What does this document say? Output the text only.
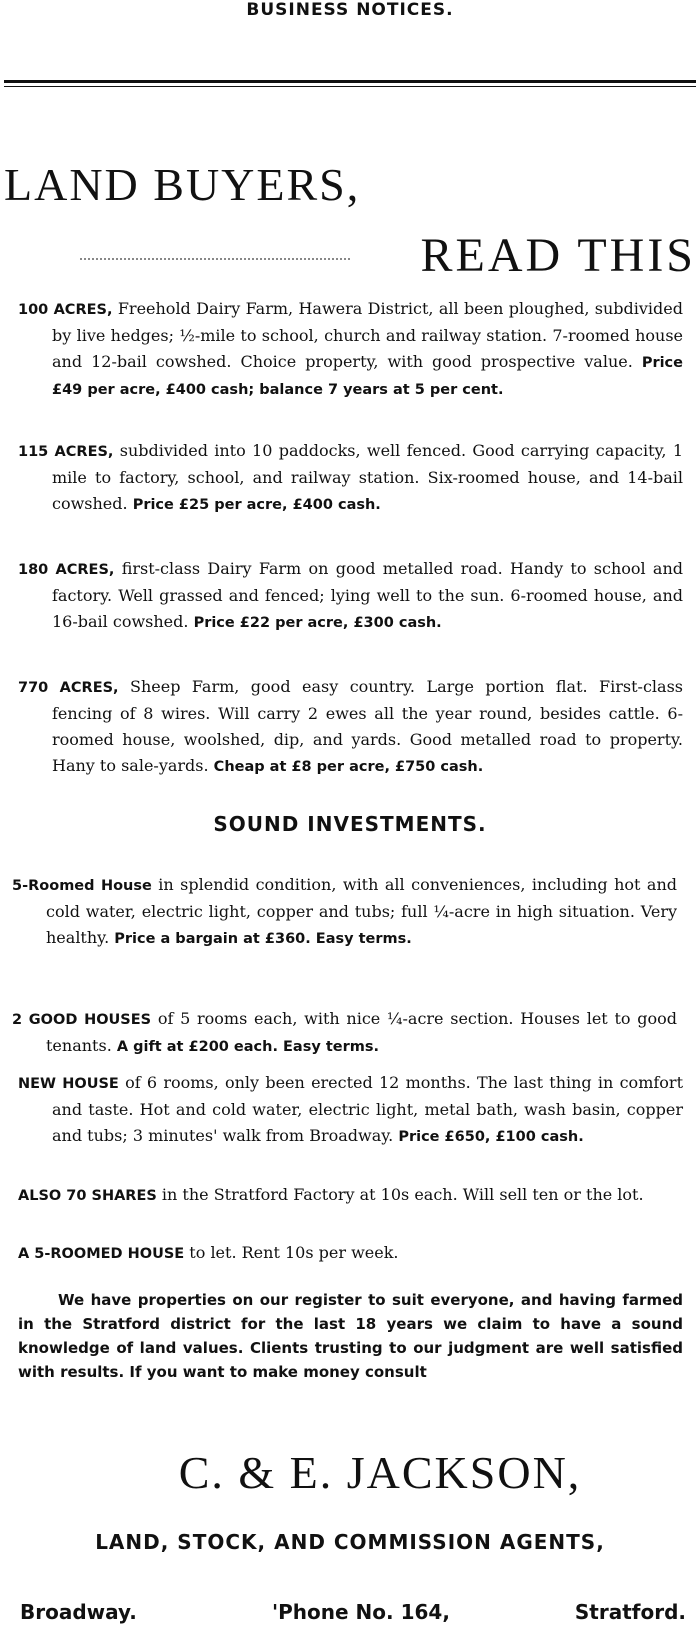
BUSINESS NOTICES.
LAND BUYERS,
READ THIS
100 ACRES, Freehold Dairy Farm, Hawera District, all been ploughed, subdivided by live hedges; ½-mile to school, church and railway station. 7-roomed house and 12-bail cowshed. Choice property, with good prospective value. Price £49 per acre, £400 cash; balance 7 years at 5 per cent.
115 ACRES, subdivided into 10 paddocks, well fenced. Good carrying capacity, 1 mile to factory, school, and railway station. Six-roomed house, and 14-bail cowshed. Price £25 per acre, £400 cash.
180 ACRES, first-class Dairy Farm on good metalled road. Handy to school and factory. Well grassed and fenced; lying well to the sun. 6-roomed house, and 16-bail cowshed. Price £22 per acre, £300 cash.
770 ACRES, Sheep Farm, good easy country. Large portion flat. First-class fencing of 8 wires. Will carry 2 ewes all the year round, besides cattle. 6-roomed house, woolshed, dip, and yards. Good metalled road to property. Hany to sale-yards. Cheap at £8 per acre, £750 cash.
SOUND INVESTMENTS.
5-Roomed House in splendid condition, with all conveniences, including hot and cold water, electric light, copper and tubs; full ¼-acre in high situation. Very healthy. Price a bargain at £360. Easy terms.
2 GOOD HOUSES of 5 rooms each, with nice ¼-acre section. Houses let to good tenants. A gift at £200 each. Easy terms.
NEW HOUSE of 6 rooms, only been erected 12 months. The last thing in comfort and taste. Hot and cold water, electric light, metal bath, wash basin, copper and tubs; 3 minutes' walk from Broadway. Price £650, £100 cash.
ALSO 70 SHARES in the Stratford Factory at 10s each. Will sell ten or the lot.
A 5-ROOMED HOUSE to let. Rent 10s per week.
We have properties on our register to suit everyone, and having farmed in the Stratford district for the last 18 years we claim to have a sound knowledge of land values. Clients trusting to our judgment are well satisfied with results. If you want to make money consult
C. & E. JACKSON,
LAND, STOCK, AND COMMISSION AGENTS,
Broadway.	'Phone No. 164,	Stratford.
